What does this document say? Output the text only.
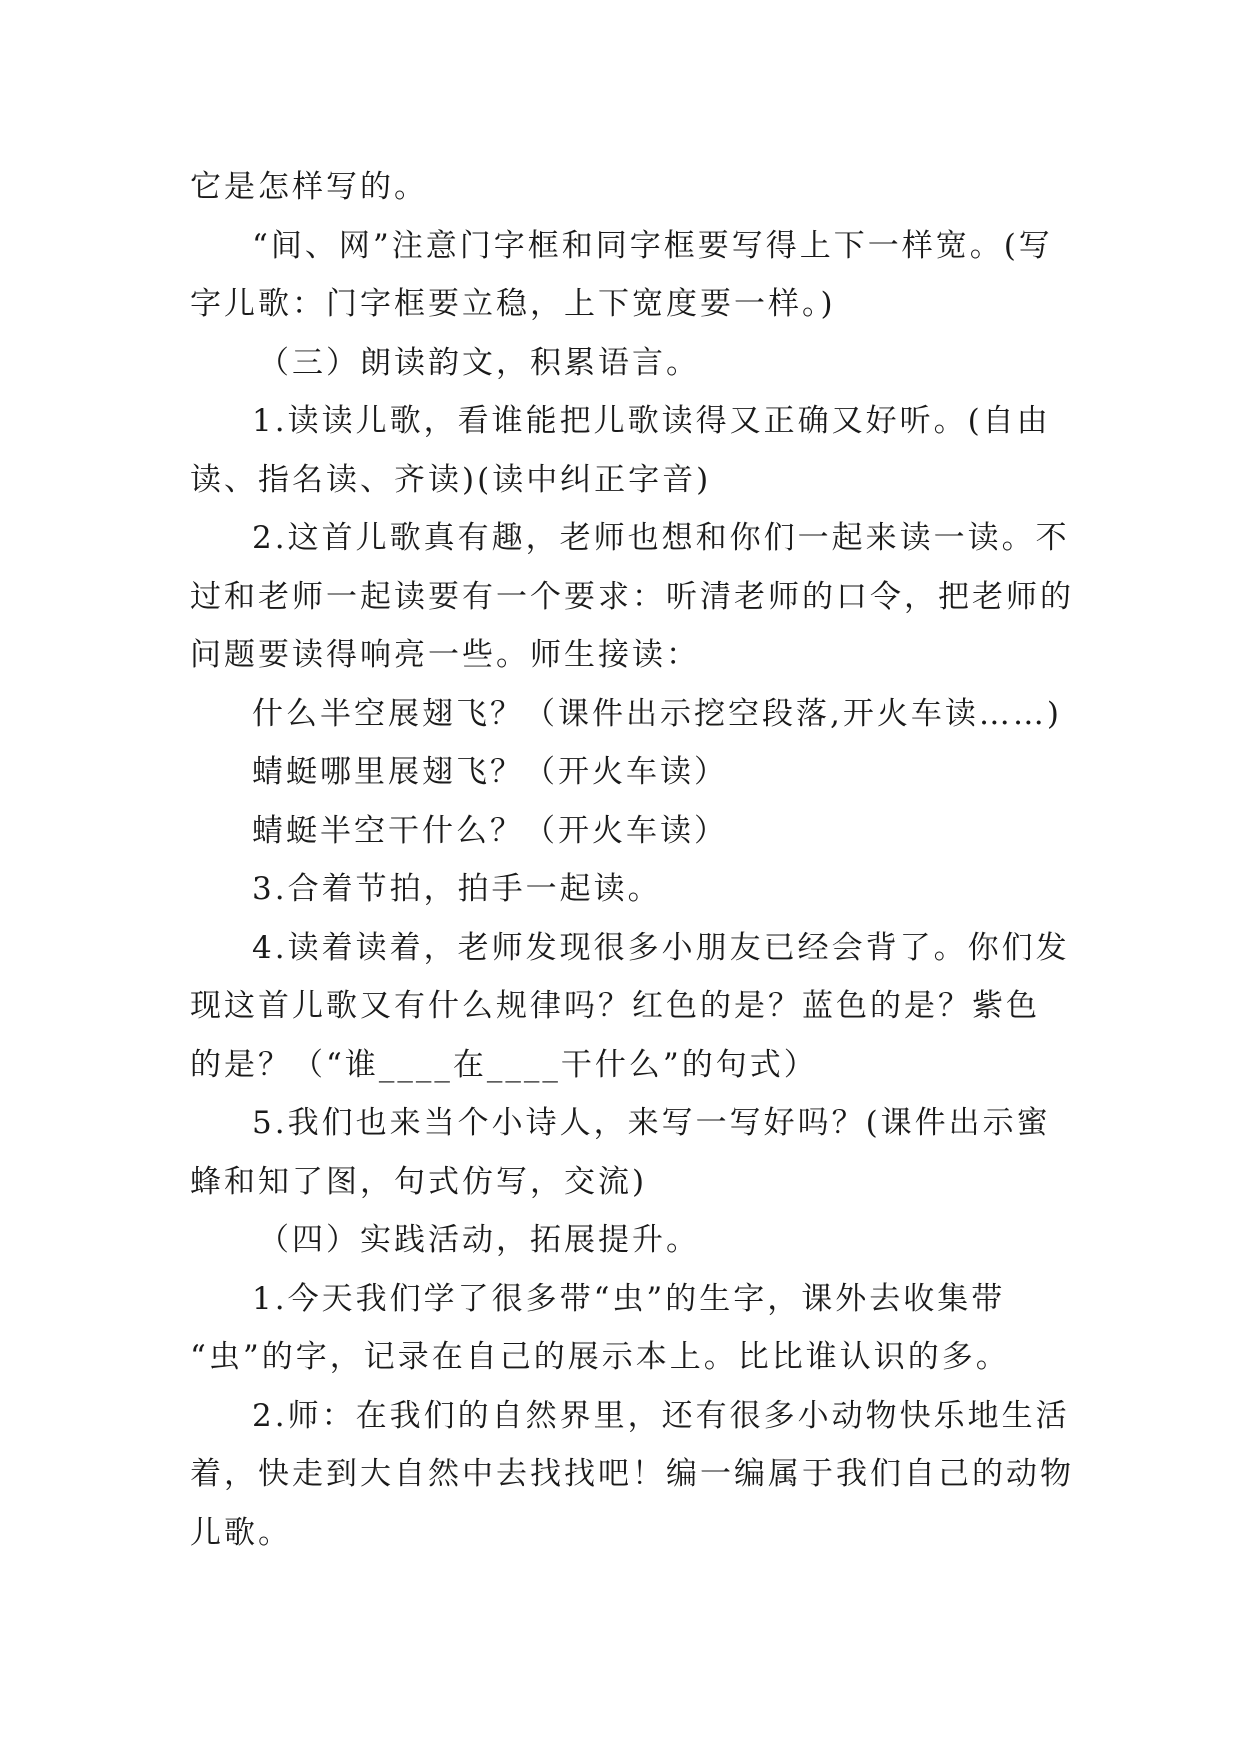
它是怎样写的。
“间、网”注意门字框和同字框要写得上下一样宽。(写
字儿歌：门字框要立稳，上下宽度要一样。)
（三）朗读韵文，积累语言。
1.读读儿歌，看谁能把儿歌读得又正确又好听。(自由
读、指名读、齐读)(读中纠正字音)
2.这首儿歌真有趣，老师也想和你们一起来读一读。不
过和老师一起读要有一个要求：听清老师的口令，把老师的
问题要读得响亮一些。师生接读：
什么半空展翅飞？（课件出示挖空段落,开火车读……)
蜻蜓哪里展翅飞？（开火车读）
蜻蜓半空干什么？（开火车读）
3.合着节拍，拍手一起读。
4.读着读着，老师发现很多小朋友已经会背了。你们发
现这首儿歌又有什么规律吗？红色的是？蓝色的是？紫色
的是？（“谁____在____干什么”的句式）
5.我们也来当个小诗人，来写一写好吗？(课件出示蜜
蜂和知了图，句式仿写，交流)
（四）实践活动，拓展提升。
1.今天我们学了很多带“虫”的生字，课外去收集带
“虫”的字，记录在自己的展示本上。比比谁认识的多。
2.师：在我们的自然界里，还有很多小动物快乐地生活
着，快走到大自然中去找找吧！编一编属于我们自己的动物
儿歌。
